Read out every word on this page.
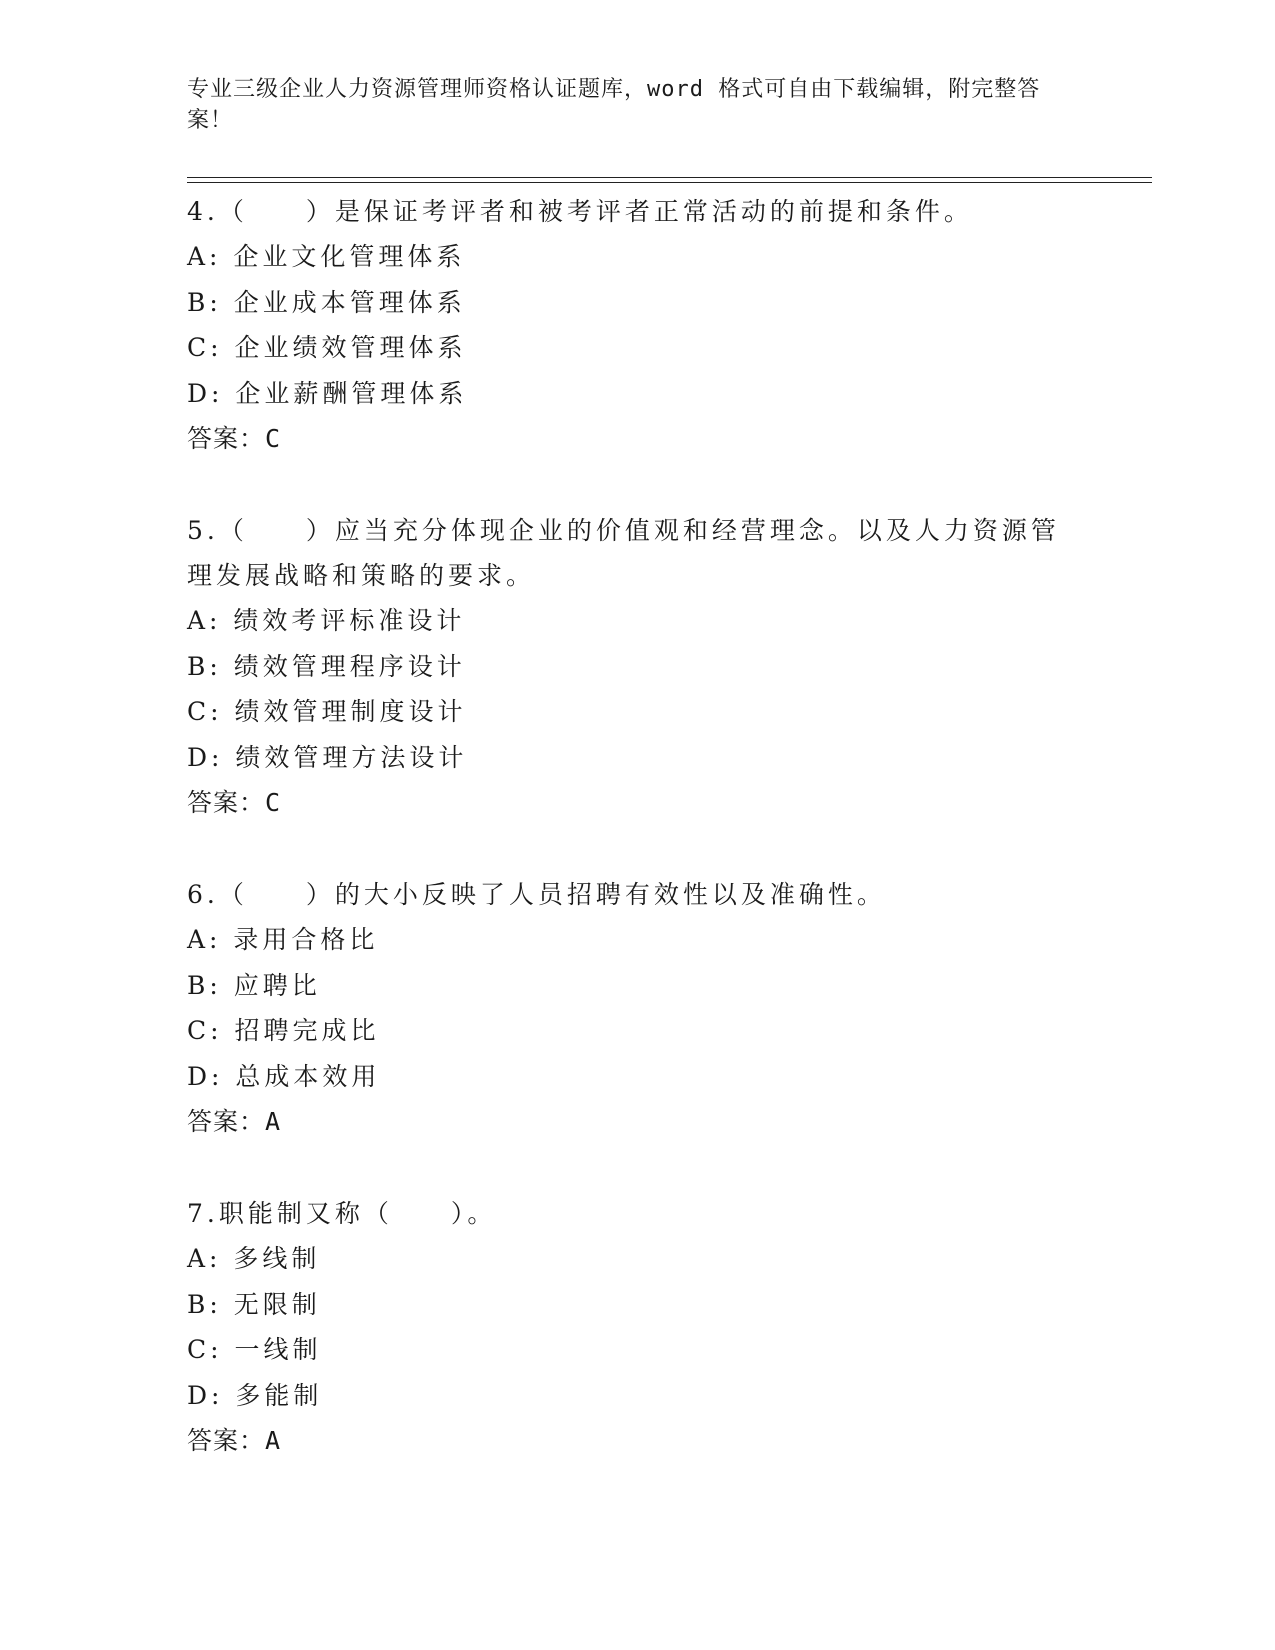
专业三级企业人力资源管理师资格认证题库，word 格式可自由下载编辑，附完整答案！
4.（　　）是保证考评者和被考评者正常活动的前提和条件。
A: 企业文化管理体系
B: 企业成本管理体系
C: 企业绩效管理体系
D: 企业薪酬管理体系
答案：C
5.（　　）应当充分体现企业的价值观和经营理念。以及人力资源管理发展战略和策略的要求。
A: 绩效考评标准设计
B: 绩效管理程序设计
C: 绩效管理制度设计
D: 绩效管理方法设计
答案：C
6.（　　）的大小反映了人员招聘有效性以及准确性。
A: 录用合格比
B: 应聘比
C: 招聘完成比
D: 总成本效用
答案：A
7.职能制又称（　　）。
A: 多线制
B: 无限制
C: 一线制
D: 多能制
答案：A
